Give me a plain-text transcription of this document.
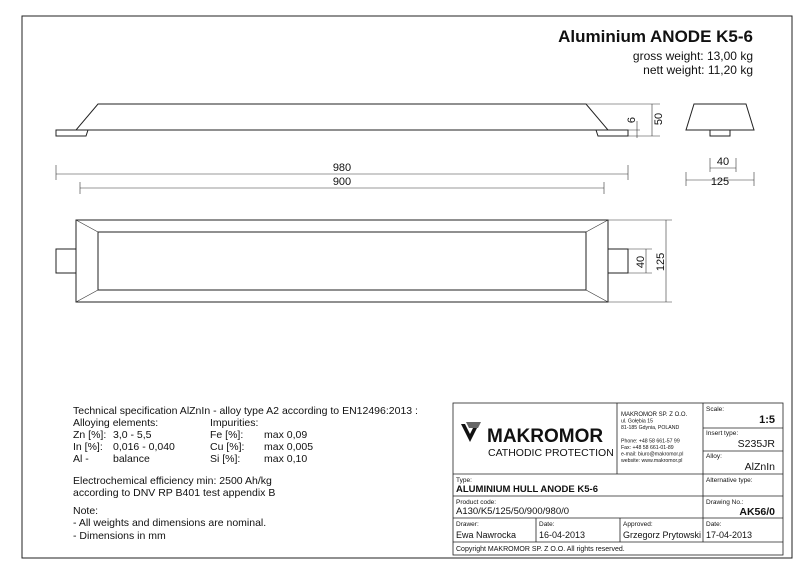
Aluminium ANODE K5-6
gross weight: 13,00 kg
nett weight: 11,20 kg
6 50
980
900
40
125
40 125
Technical specification AlZnIn - alloy type A2 according to EN12496:2013 :
Alloying elements:	Impurities:
Zn [%]: 3,0 - 5,5
In [%]: 0,016 - 0,040
Al - balance
Fe [%]: max 0,09
Cu [%]: max 0,005
Si [%]: max 0,10
Electrochemical efficiency min: 2500 Ah/kg
according to DNV RP B401 test appendix B
Note:
- All weights and dimensions are nominal.
- Dimensions in mm
MAKROMOR
CATHODIC PROTECTION
MAKROMOR SP. Z O.O.
ul. Gołębia 15
81-185 Gdynia, POLAND
Phone: +48 58 661-57 99
Fax: +48 58 661-01-89
e-mail: biuro@makromor.pl
website: www.makromor.pl
Scale:
1:5
Insert type:
S235JR
Alloy:
AlZnIn
Alternative type:
Type:
ALUMINIUM HULL ANODE K5-6
Product code:
A130/K5/125/50/900/980/0
Drawing No.:
AK56/0
Drawer:
Ewa Nawrocka
Date:
16-04-2013
Approved:
Grzegorz Prytowski
Date:
17-04-2013
Copyright MAKROMOR SP. Z O.O. All rights reserved.
